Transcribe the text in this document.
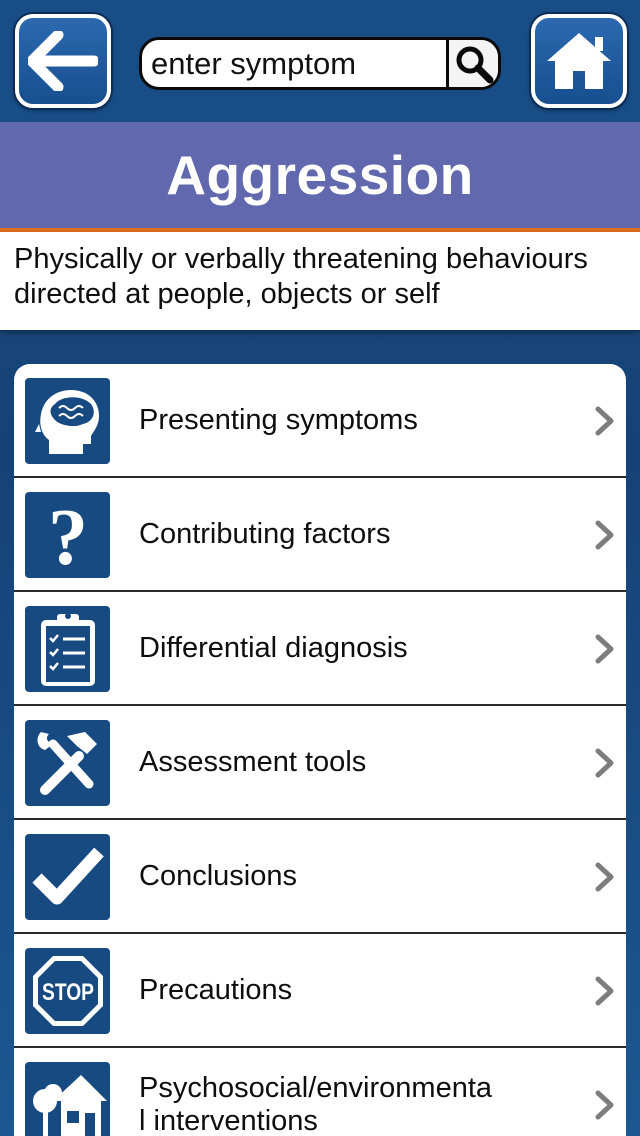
enter symptom
Aggression
Physically or verbally threatening behaviours directed at people, objects or self
Presenting symptoms
? Contributing factors
Differential diagnosis
Assessment tools
Conclusions
STOP Precautions
Psychosocial/environmenta
l interventions
